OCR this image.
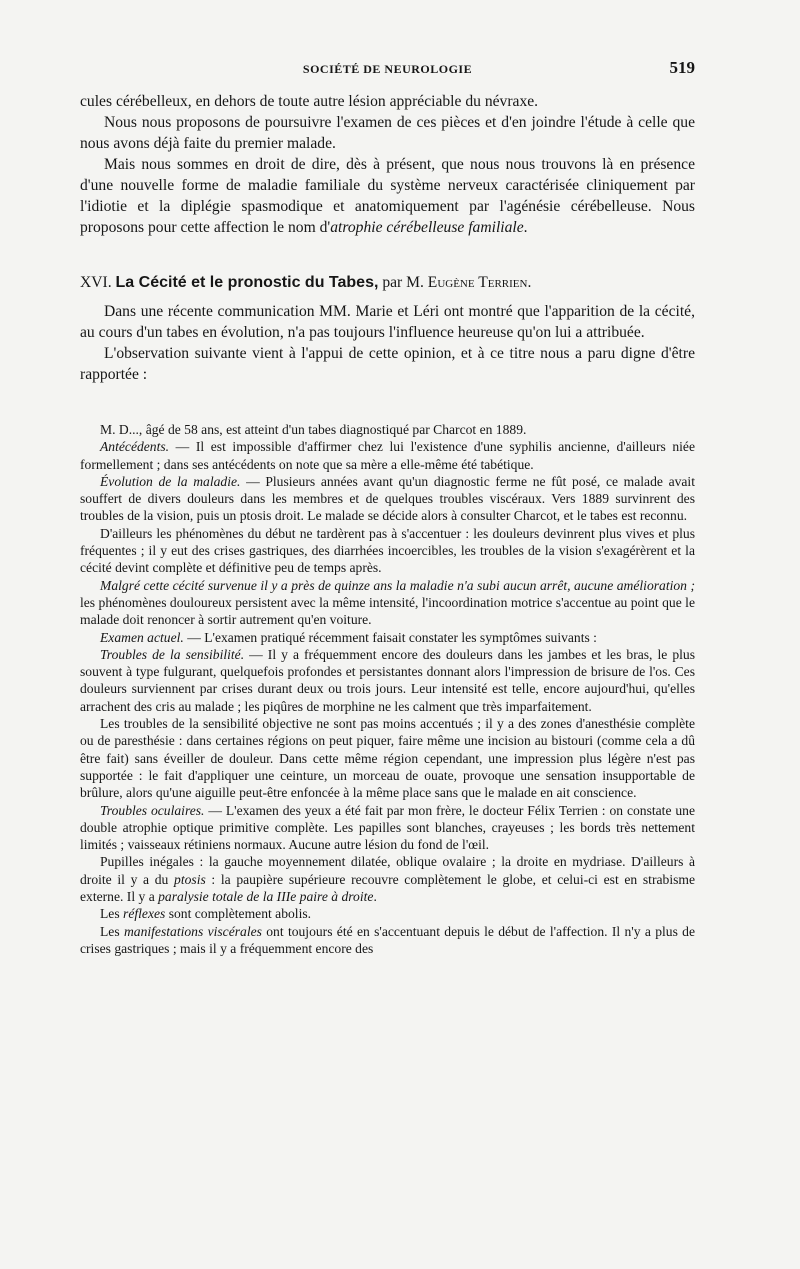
SOCIÉTÉ DE NEUROLOGIE	519

cules cérébelleux, en dehors de toute autre lésion appréciable du névraxe.

Nous nous proposons de poursuivre l'examen de ces pièces et d'en joindre l'étude à celle que nous avons déjà faite du premier malade.

Mais nous sommes en droit de dire, dès à présent, que nous nous trouvons là en présence d'une nouvelle forme de maladie familiale du système nerveux caractérisée cliniquement par l'idiotie et la diplégie spasmodique et anatomiquement par l'agénésie cérébelleuse. Nous proposons pour cette affection le nom d'atrophie cérébelleuse familiale.

XVI. La Cécité et le pronostic du Tabes, par M. Eugène Terrien.

Dans une récente communication MM. Marie et Léri ont montré que l'apparition de la cécité, au cours d'un tabes en évolution, n'a pas toujours l'influence heureuse qu'on lui a attribuée.

L'observation suivante vient à l'appui de cette opinion, et à ce titre nous a paru digne d'être rapportée :

M. D..., âgé de 58 ans, est atteint d'un tabes diagnostiqué par Charcot en 1889.

Antécédents. — Il est impossible d'affirmer chez lui l'existence d'une syphilis ancienne, d'ailleurs niée formellement ; dans ses antécédents on note que sa mère a elle-même été tabétique.

Évolution de la maladie. — Plusieurs années avant qu'un diagnostic ferme ne fût posé, ce malade avait souffert de divers douleurs dans les membres et de quelques troubles viscéraux. Vers 1889 survinrent des troubles de la vision, puis un ptosis droit. Le malade se décide alors à consulter Charcot, et le tabes est reconnu.

D'ailleurs les phénomènes du début ne tardèrent pas à s'accentuer : les douleurs devinrent plus vives et plus fréquentes ; il y eut des crises gastriques, des diarrhées incoercibles, les troubles de la vision s'exagérèrent et la cécité devint complète et définitive peu de temps après.

Malgré cette cécité survenue il y a près de quinze ans la maladie n'a subi aucun arrêt, aucune amélioration ; les phénomènes douloureux persistent avec la même intensité, l'incoordination motrice s'accentue au point que le malade doit renoncer à sortir autrement qu'en voiture.

Examen actuel. — L'examen pratiqué récemment faisait constater les symptômes suivants :

Troubles de la sensibilité. — Il y a fréquemment encore des douleurs dans les jambes et les bras, le plus souvent à type fulgurant, quelquefois profondes et persistantes donnant alors l'impression de brisure de l'os. Ces douleurs surviennent par crises durant deux ou trois jours. Leur intensité est telle, encore aujourd'hui, qu'elles arrachent des cris au malade ; les piqûres de morphine ne les calment que très imparfaitement.

Les troubles de la sensibilité objective ne sont pas moins accentués ; il y a des zones d'anesthésie complète ou de paresthésie : dans certaines régions on peut piquer, faire même une incision au bistouri (comme cela a dû être fait) sans éveiller de douleur. Dans cette même région cependant, une impression plus légère n'est pas supportée : le fait d'appliquer une ceinture, un morceau de ouate, provoque une sensation insupportable de brûlure, alors qu'une aiguille peut-être enfoncée à la même place sans que le malade en ait conscience.

Troubles oculaires. — L'examen des yeux a été fait par mon frère, le docteur Félix Terrien : on constate une double atrophie optique primitive complète. Les papilles sont blanches, crayeuses ; les bords très nettement limités ; vaisseaux rétiniens normaux. Aucune autre lésion du fond de l'œil.

Pupilles inégales : la gauche moyennement dilatée, oblique ovalaire ; la droite en mydriase. D'ailleurs à droite il y a du ptosis : la paupière supérieure recouvre complètement le globe, et celui-ci est en strabisme externe. Il y a paralysie totale de la IIIe paire à droite.

Les réflexes sont complètement abolis.

Les manifestations viscérales ont toujours été en s'accentuant depuis le début de l'affection. Il n'y a plus de crises gastriques ; mais il y a fréquemment encore des
